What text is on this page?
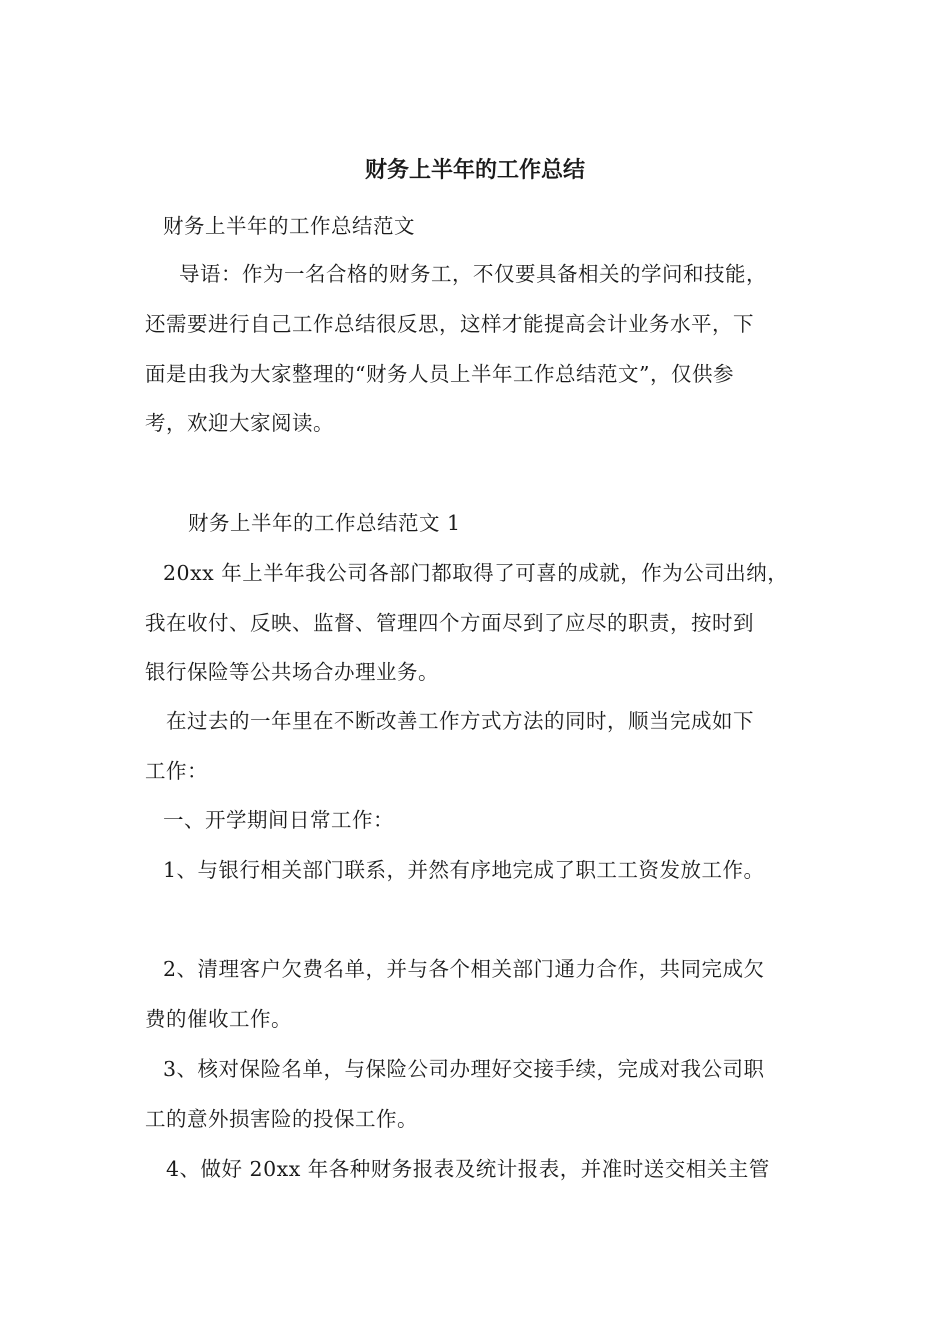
财务上半年的工作总结
财务上半年的工作总结范文
导语：作为一名合格的财务工，不仅要具备相关的学问和技能，
还需要进行自己工作总结很反思，这样才能提高会计业务水平，下
面是由我为大家整理的“财务人员上半年工作总结范文”，仅供参
考，欢迎大家阅读。
财务上半年的工作总结范文 1
20xx 年上半年我公司各部门都取得了可喜的成就，作为公司出纳，
我在收付、反映、监督、管理四个方面尽到了应尽的职责，按时到
银行保险等公共场合办理业务。
在过去的一年里在不断改善工作方式方法的同时，顺当完成如下
工作：
一、开学期间日常工作：
1、与银行相关部门联系，并然有序地完成了职工工资发放工作。
2、清理客户欠费名单，并与各个相关部门通力合作，共同完成欠
费的催收工作。
3、核对保险名单，与保险公司办理好交接手续，完成对我公司职
工的意外损害险的投保工作。
4、做好 20xx 年各种财务报表及统计报表，并准时送交相关主管
